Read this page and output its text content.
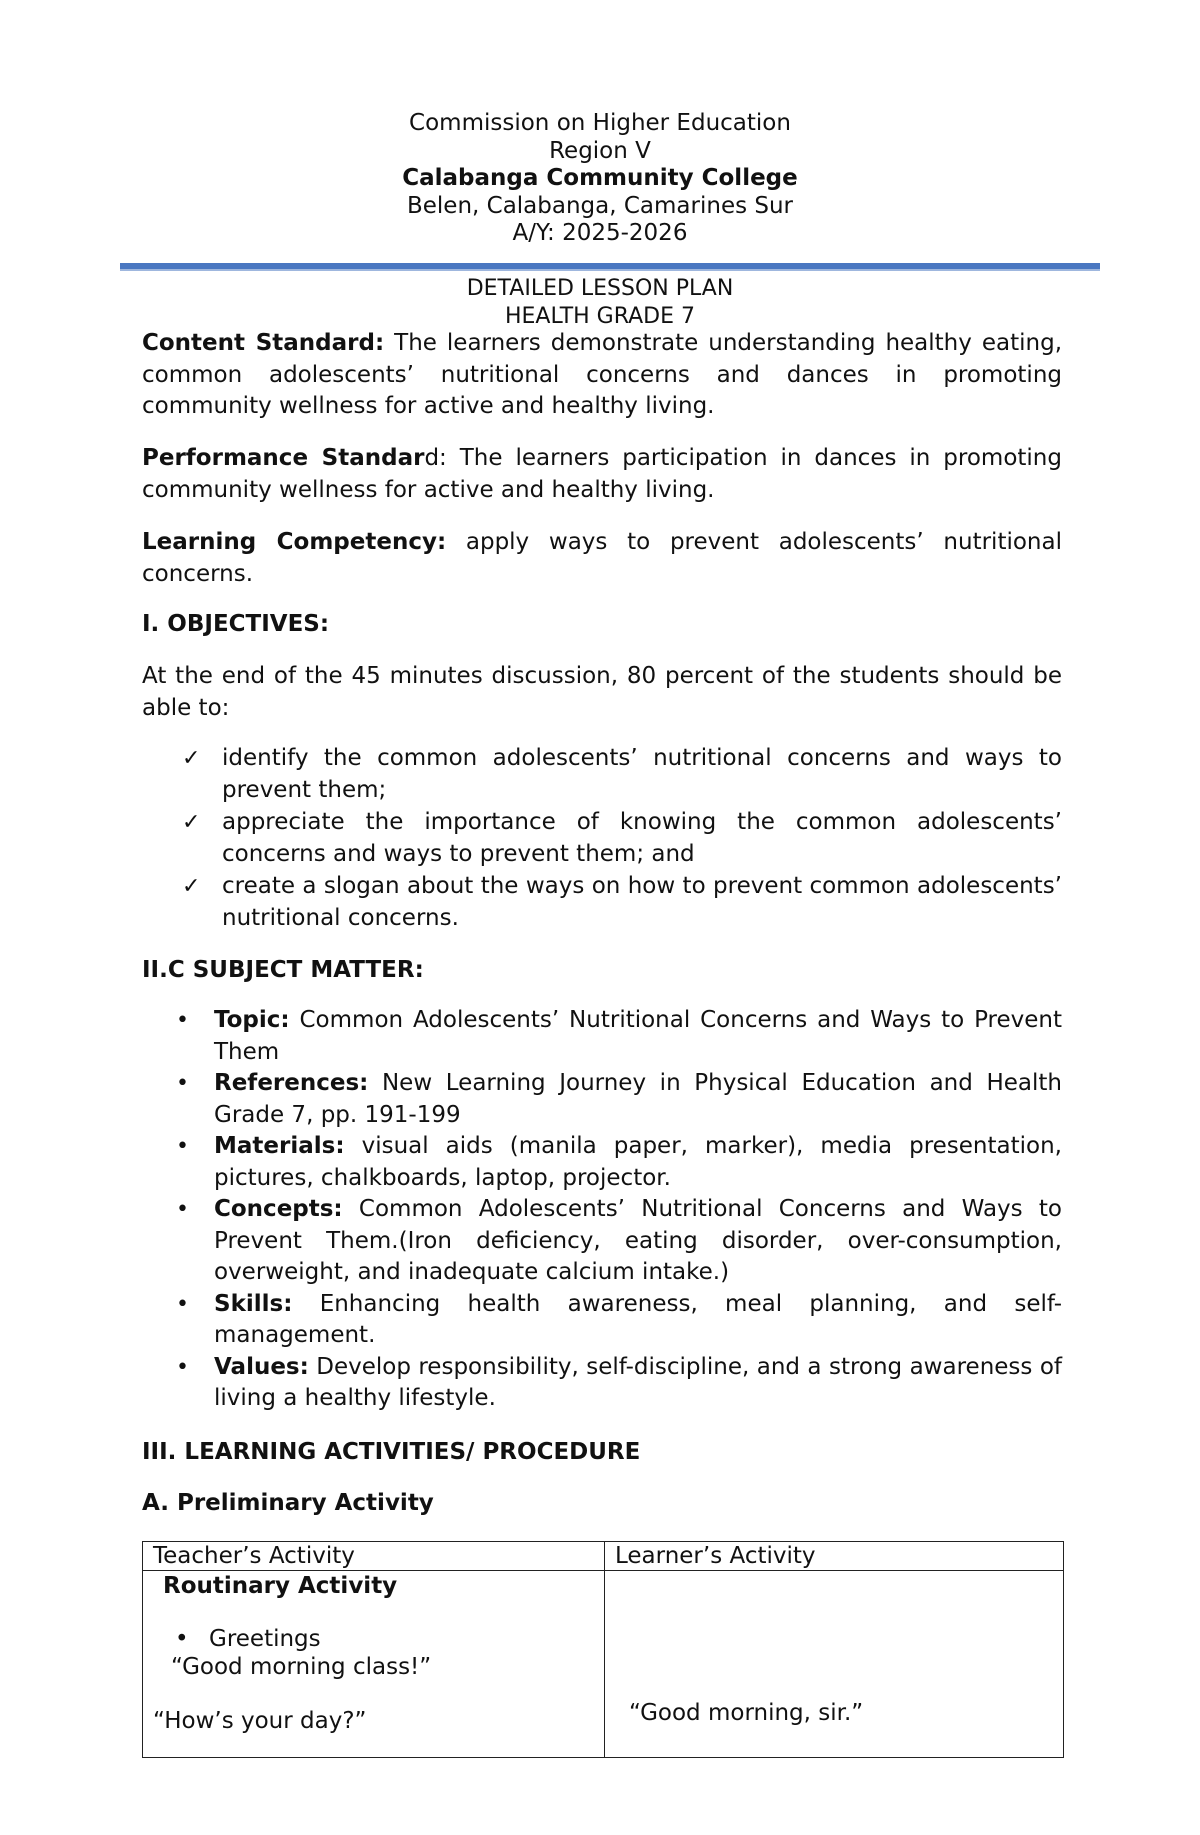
Commission on Higher Education
Region V
Calabanga Community College
Belen, Calabanga, Camarines Sur
A/Y: 2025-2026
DETAILED LESSON PLAN
HEALTH GRADE 7
Content Standard: The learners demonstrate understanding healthy eating, common adolescents’ nutritional concerns and dances in promoting community wellness for active and healthy living.
Performance Standard: The learners participation in dances in promoting community wellness for active and healthy living.
Learning Competency: apply ways to prevent adolescents’ nutritional concerns.
I. OBJECTIVES:
At the end of the 45 minutes discussion, 80 percent of the students should be able to:
✓ identify the common adolescents’ nutritional concerns and ways to prevent them;
✓ appreciate the importance of knowing the common adolescents’ concerns and ways to prevent them; and
✓ create a slogan about the ways on how to prevent common adolescents’ nutritional concerns.
II.C SUBJECT MATTER:
• Topic: Common Adolescents’ Nutritional Concerns and Ways to Prevent Them
• References: New Learning Journey in Physical Education and Health Grade 7, pp. 191-199
• Materials: visual aids (manila paper, marker), media presentation, pictures, chalkboards, laptop, projector.
• Concepts: Common Adolescents’ Nutritional Concerns and Ways to Prevent Them.(Iron deficiency, eating disorder, over-consumption, overweight, and inadequate calcium intake.)
• Skills: Enhancing health awareness, meal planning, and self-management.
• Values: Develop responsibility, self-discipline, and a strong awareness of living a healthy lifestyle.
III. LEARNING ACTIVITIES/ PROCEDURE
A. Preliminary Activity
Teacher’s Activity	Learner’s Activity

Routinary Activity
• Greetings
“Good morning class!”
“How’s your day?”	“Good morning, sir.”
